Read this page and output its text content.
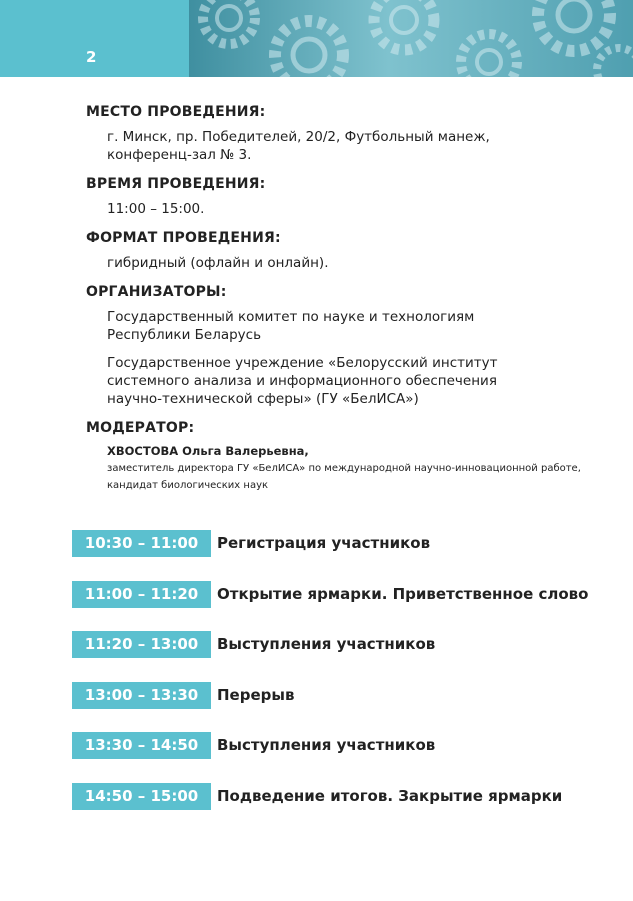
2

МЕСТО ПРОВЕДЕНИЯ:

г. Минск, пр. Победителей, 20/2, Футбольный манеж,
конференц-зал № 3.

ВРЕМЯ ПРОВЕДЕНИЯ:

11:00 – 15:00.

ФОРМАТ ПРОВЕДЕНИЯ:

гибридный (офлайн и онлайн).

ОРГАНИЗАТОРЫ:

Государственный комитет по науке и технологиям
Республики Беларусь

Государственное учреждение «Белорусский институт
системного анализа и информационного обеспечения
научно-технической сферы» (ГУ «БелИСА»)

МОДЕРАТОР:

ХВОСТОВА Ольга Валерьевна,

заместитель директора ГУ «БелИСА» по международной научно-инновационной работе,
кандидат биологических наук

10:30 – 11:00	Регистрация участников
11:00 – 11:20	Открытие ярмарки. Приветственное слово
11:20 – 13:00	Выступления участников
13:00 – 13:30	Перерыв
13:30 – 14:50	Выступления участников
14:50 – 15:00	Подведение итогов. Закрытие ярмарки
